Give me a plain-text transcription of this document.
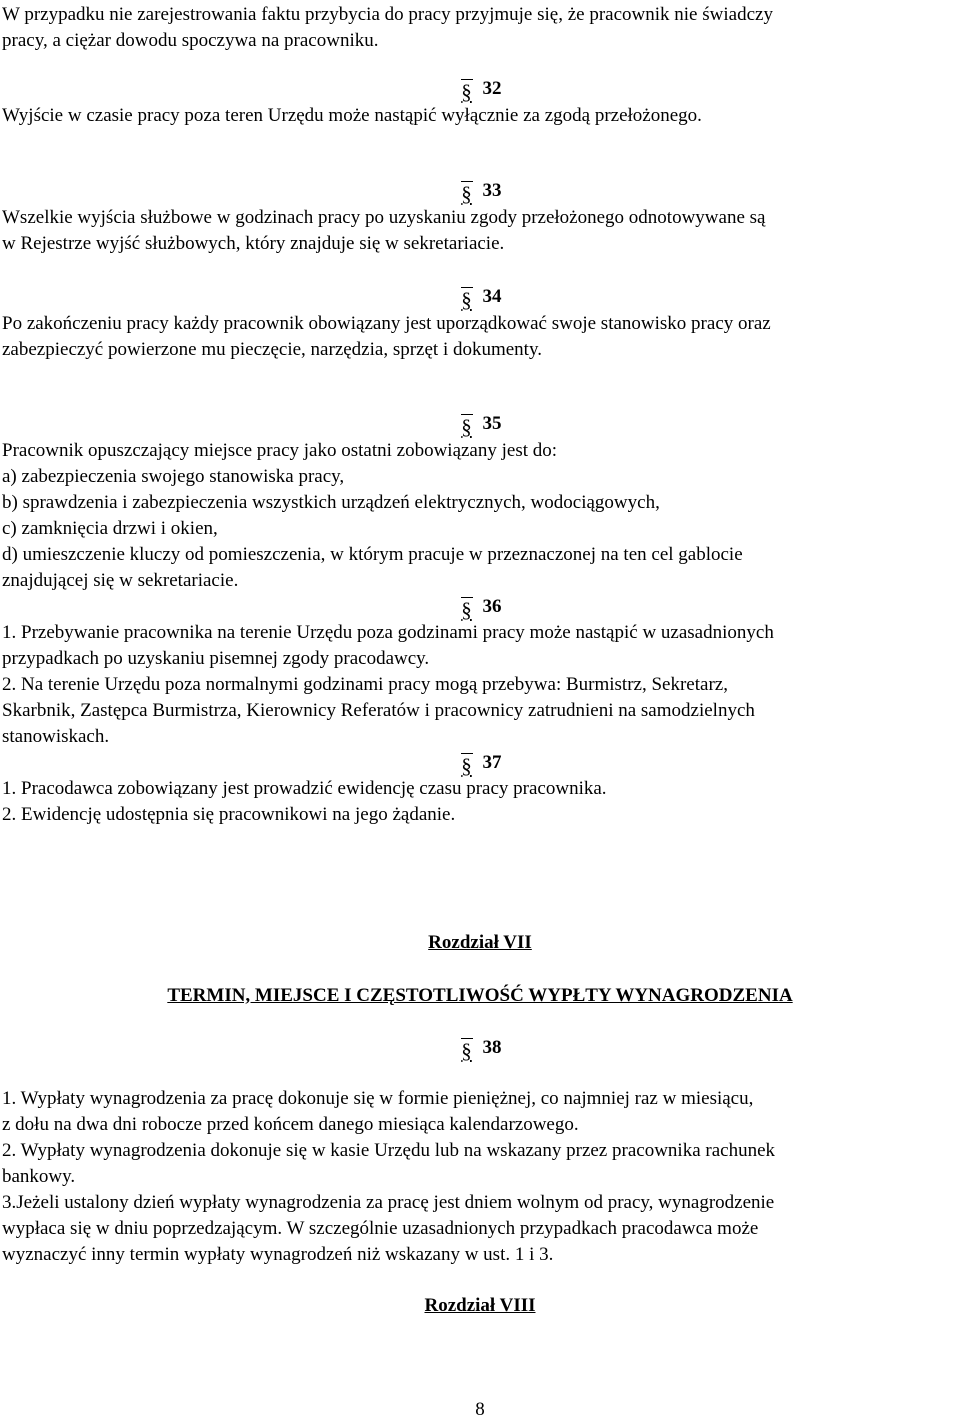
W przypadku nie zarejestrowania faktu przybycia do pracy przyjmuje się, że pracownik nie świadczy
pracy, a ciężar dowodu spoczywa na pracowniku.

§32

Wyjście w czasie pracy poza teren Urzędu może nastąpić wyłącznie za zgodą przełożonego.

§33

Wszelkie wyjścia służbowe w godzinach pracy po uzyskaniu zgody przełożonego odnotowywane są
w Rejestrze wyjść służbowych, który znajduje się w sekretariacie.

§34

Po zakończeniu pracy każdy pracownik obowiązany jest uporządkować swoje stanowisko pracy oraz
zabezpieczyć powierzone mu pieczęcie, narzędzia, sprzęt i dokumenty.

§35

Pracownik opuszczający miejsce pracy jako ostatni zobowiązany jest do:
a) zabezpieczenia swojego stanowiska pracy,
b) sprawdzenia i zabezpieczenia wszystkich urządzeń elektrycznych, wodociągowych,
c) zamknięcia drzwi i okien,
d) umieszczenie kluczy od pomieszczenia, w którym pracuje w przeznaczonej na ten cel gablocie
znajdującej się w sekretariacie.

§36

1. Przebywanie pracownika na terenie Urzędu poza godzinami pracy może nastąpić w uzasadnionych
przypadkach po uzyskaniu pisemnej zgody pracodawcy.
2. Na terenie Urzędu poza normalnymi godzinami pracy mogą przebywa: Burmistrz, Sekretarz,
Skarbnik, Zastępca Burmistrza, Kierownicy Referatów i pracownicy zatrudnieni na samodzielnych
stanowiskach.

§37

1. Pracodawca zobowiązany jest prowadzić ewidencję czasu pracy pracownika.
2. Ewidencję udostępnia się pracownikowi na jego żądanie.

Rozdział VII
TERMIN, MIEJSCE I CZĘSTOTLIWOŚĆ WYPŁTY WYNAGRODZENIA
§38

1. Wypłaty wynagrodzenia za pracę dokonuje się w formie pieniężnej, co najmniej raz w miesiącu,
z dołu na dwa dni robocze przed końcem danego miesiąca kalendarzowego.
2. Wypłaty wynagrodzenia dokonuje się w kasie Urzędu lub na wskazany przez pracownika rachunek
bankowy.
3.Jeżeli ustalony dzień wypłaty wynagrodzenia za pracę jest dniem wolnym od pracy, wynagrodzenie
wypłaca się w dniu poprzedzającym. W szczególnie uzasadnionych przypadkach pracodawca może
wyznaczyć inny termin wypłaty wynagrodzeń niż wskazany w ust. 1 i 3.

Rozdział VIII
8
